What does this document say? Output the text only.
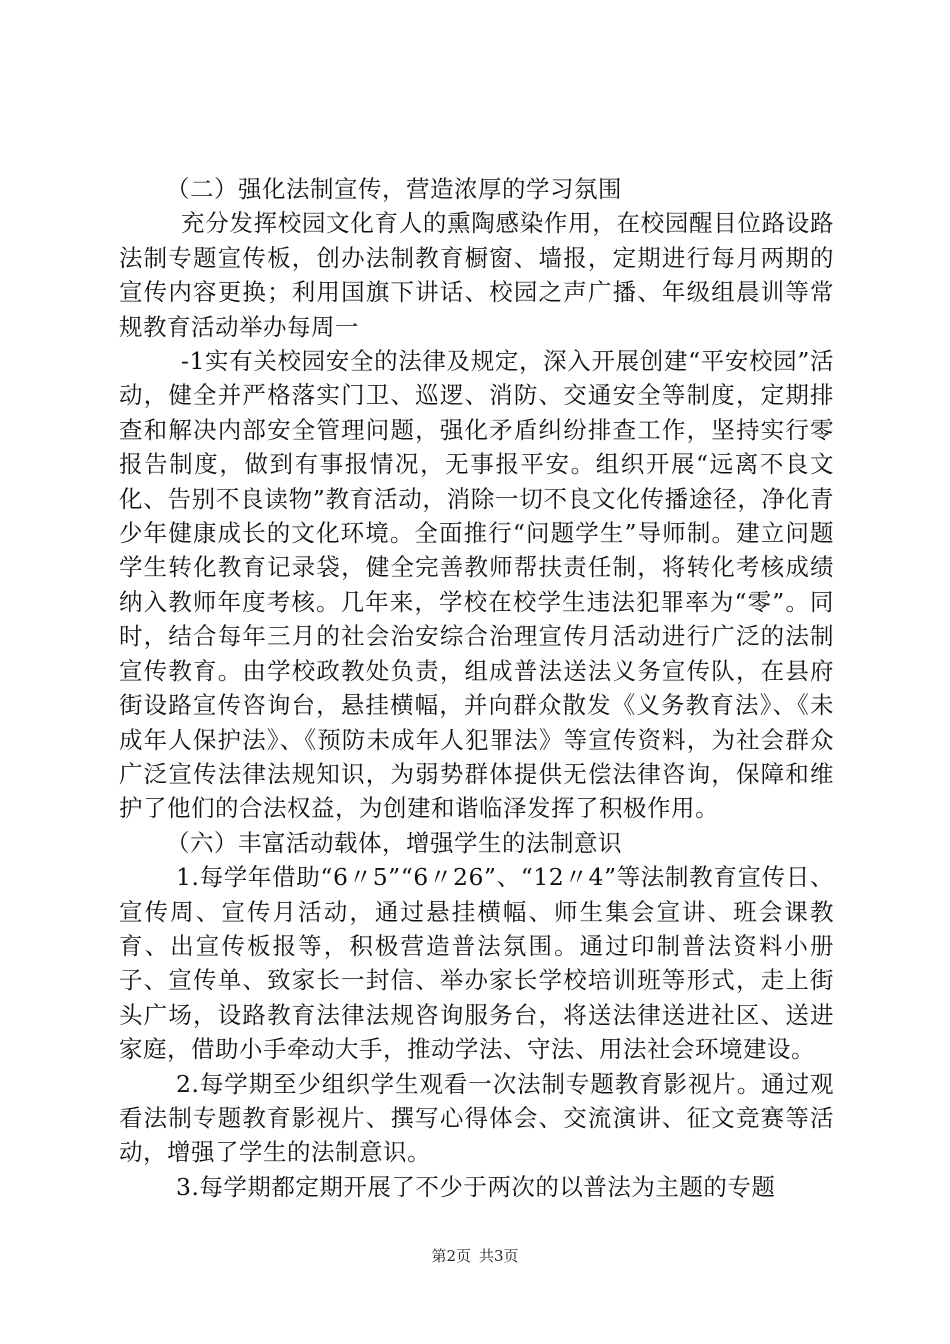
（二）强化法制宣传，营造浓厚的学习氛围

充分发挥校园文化育人的熏陶感染作用，在校园醒目位路设路法制专题宣传板，创办法制教育橱窗、墙报，定期进行每月两期的宣传内容更换；利用国旗下讲话、校园之声广播、年级组晨训等常规教育活动举办每周一

-1实有关校园安全的法律及规定，深入开展创建“平安校园”活动，健全并严格落实门卫、巡逻、消防、交通安全等制度，定期排查和解决内部安全管理问题，强化矛盾纠纷排查工作，坚持实行零报告制度，做到有事报情况，无事报平安。组织开展“远离不良文化、告别不良读物”教育活动，消除一切不良文化传播途径，净化青少年健康成长的文化环境。全面推行“问题学生”导师制。建立问题学生转化教育记录袋，健全完善教师帮扶责任制，将转化考核成绩纳入教师年度考核。几年来，学校在校学生违法犯罪率为“零”。同时，结合每年三月的社会治安综合治理宣传月活动进行广泛的法制宣传教育。由学校政教处负责，组成普法送法义务宣传队，在县府街设路宣传咨询台，悬挂横幅，并向群众散发《义务教育法》、《未成年人保护法》、《预防未成年人犯罪法》等宣传资料，为社会群众广泛宣传法律法规知识，为弱势群体提供无偿法律咨询，保障和维护了他们的合法权益，为创建和谐临泽发挥了积极作用。

（六）丰富活动载体，增强学生的法制意识

1.每学年借助“6〃5”“6〃26”、“12〃4”等法制教育宣传日、宣传周、宣传月活动，通过悬挂横幅、师生集会宣讲、班会课教育、出宣传板报等，积极营造普法氛围。通过印制普法资料小册子、宣传单、致家长一封信、举办家长学校培训班等形式，走上街头广场，设路教育法律法规咨询服务台，将送法律送进社区、送进家庭，借助小手牵动大手，推动学法、守法、用法社会环境建设。

2.每学期至少组织学生观看一次法制专题教育影视片。通过观看法制专题教育影视片、撰写心得体会、交流演讲、征文竞赛等活动，增强了学生的法制意识。

3.每学期都定期开展了不少于两次的以普法为主题的专题

第2页 共3页
